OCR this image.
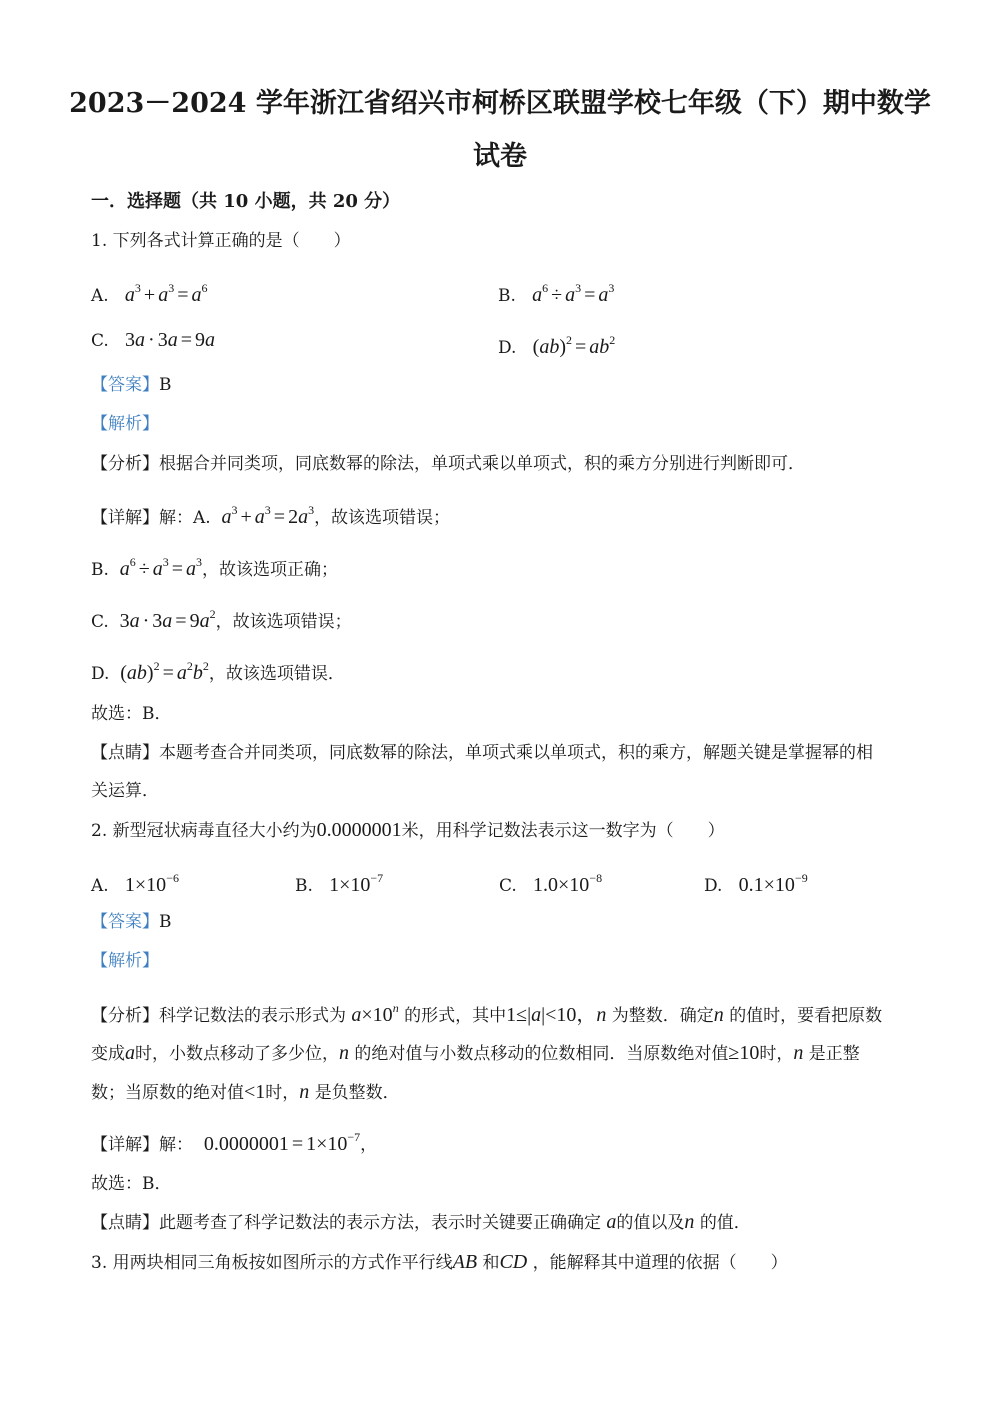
2023－2024 学年浙江省绍兴市柯桥区联盟学校七年级（下）期中数学
试卷
一．选择题（共 10 小题，共 20 分）
1. 下列各式计算正确的是（　　）
A. $a^3 + a^3 = a^6$	B. $a^6 \div a^3 = a^3$
C. 3a · 3a = 9a	D. $(ab)^2 = ab^2$
【答案】B
【解析】
【分析】根据合并同类项，同底数幂的除法，单项式乘以单项式，积的乘方分别进行判断即可．
【详解】解：A. $a^3 + a^3 = 2a^3$，故该选项错误；
B. $a^6 \div a^3 = a^3$，故该选项正确；
C. $3a \cdot 3a = 9a^2$，故该选项错误；
D. $(ab)^2 = a^2b^2$，故该选项错误．
故选：B．
【点睛】本题考查合并同类项，同底数幂的除法，单项式乘以单项式，积的乘方，解题关键是掌握幂的相
关运算．
2. 新型冠状病毒直径大小约为0.0000001米，用科学记数法表示这一数字为（　　）
A. $1\times 10^{-6}$	B. $1\times 10^{-7}$	C. $1.0\times 10^{-8}$	D. $0.1\times 10^{-9}$
【答案】B
【解析】
【分析】科学记数法的表示形式为 $a\times 10^n$ 的形式，其中1≤|a|<10，n 为整数．确定n 的值时，要看把原数
变成a时，小数点移动了多少位，n 的绝对值与小数点移动的位数相同．当原数绝对值≥10时，n 是正整
数；当原数的绝对值<1时，n 是负整数．
【详解】解： $0.0000001 = 1\times 10^{-7}$，
故选：B．
【点睛】此题考查了科学记数法的表示方法，表示时关键要正确确定 a的值以及n 的值．
3. 用两块相同三角板按如图所示的方式作平行线AB 和CD ，能解释其中道理的依据（　　）
